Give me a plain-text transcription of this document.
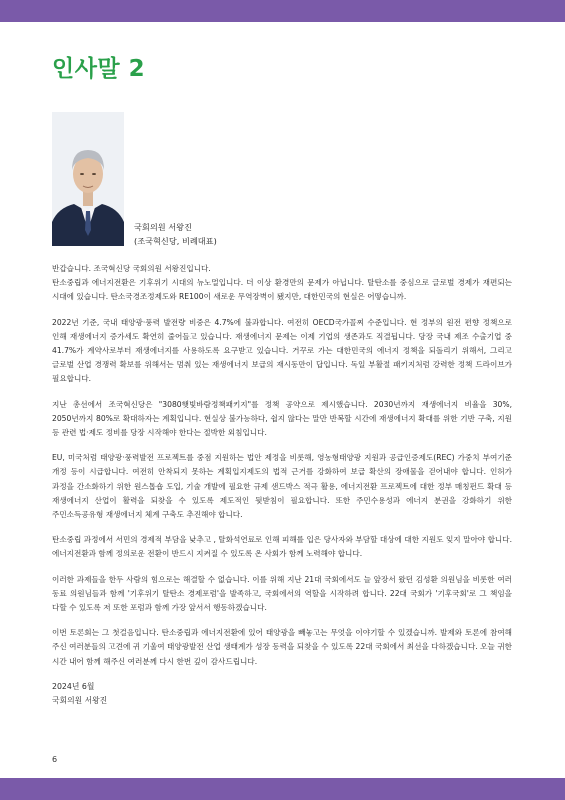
인사말 2
국회의원 서왕진
(조국혁신당, 비례대표)

반갑습니다. 조국혁신당 국회의원 서왕진입니다.
탄소중립과 에너지전환은 기후위기 시대의 뉴노멀입니다. 더 이상 환경만의 문제가 아닙니다. 탈탄소를 중심으로 글로벌 경제가 재편되는 시대에 있습니다. 탄소국경조정제도와 RE100이 새로운 무역장벽이 됐지만, 대한민국의 현실은 어떻습니까.

2022년 기준, 국내 태양광·풍력 발전량 비중은 4.7%에 불과합니다. 여전히 OECD국가꼴찌 수준입니다. 현 정부의 원전 편향 정책으로 인해 재생에너지 증가세도 확연히 줄어들고 있습니다. 재생에너지 문제는 이제 기업의 생존과도 직결됩니다. 당장 국내 제조 수출기업 중 41.7%가 계약사로부터 재생에너지를 사용하도록 요구받고 있습니다. 거꾸로 가는 대한민국의 에너지 정책을 되돌리기 위해서, 그리고 글로벌 산업 경쟁력 확보를 위해서는 멈춰 있는 재생에너지 보급의 재시동만이 답입니다. 독일 부활절 패키지처럼 강력한 정책 드라이브가 필요합니다.

지난 총선에서 조국혁신당은 "3080햇빛바람정책패키지"를 정책 공약으로 제시했습니다. 2030년까지 재생에너지 비율을 30%, 2050년까지 80%로 확대하자는 계획입니다. 현실상 불가능하다, 쉽지 않다는 말만 반복할 시간에 재생에너지 확대를 위한 기반 구축, 지원 등 관련 법·제도 정비를 당장 시작해야 한다는 절박한 외침입니다.

EU, 미국처럼 태양광·풍력발전 프로젝트를 중점 지원하는 법안 제정을 비롯해, 영농형태양광 지원과 공급인증제도(REC) 가중치 부여기준 개정 등이 시급합니다. 여전히 안착되지 못하는 계획입지제도의 법적 근거를 강화하여 보급 확산의 장애물을 걷어내야 합니다. 인허가 과정을 간소화하기 위한 원스톱숍 도입, 기술 개발에 필요한 규제 샌드박스 적극 활용, 에너지전환 프로젝트에 대한 정부 매칭펀드 확대 등 재생에너지 산업이 활력을 되찾을 수 있도록 제도적인 뒷받침이 필요합니다. 또한 주민수용성과 에너지 분권을 강화하기 위한 주민소득공유형 재생에너지 체계 구축도 추진해야 합니다.

탄소중립 과정에서 서민의 경제적 부담을 낮추고 , 탈화석연료로 인해 피해를 입은 당사자와 부담할 대상에 대한 지원도 잊지 말아야 합니다. 에너지전환과 함께 정의로운 전환이 반드시 지켜질 수 있도록 온 사회가 함께 노력해야 합니다.

이러한 과제들을 한두 사람의 힘으로는 해결할 수 없습니다. 이를 위해 지난 21대 국회에서도 늘 앞장서 왔던 김성환 의원님을 비롯한 여러 동료 의원님들과 함께 '기후위기 탈탄소 경제포럼'을 발족하고, 국회에서의 역할을 시작하려 합니다. 22대 국회가 '기후국회'로 그 책임을 다할 수 있도록 저 또한 포럼과 함께 가장 앞서서 행동하겠습니다.

이번 토론회는 그 첫걸음입니다. 탄소중립과 에너지전환에 있어 태양광을 빼놓고는 무엇을 이야기할 수 있겠습니까. 발제와 토론에 참여해 주신 여러분들의 고견에 귀 기울여 태양광발전 산업 생태계가 성장 동력을 되찾을 수 있도록 22대 국회에서 최선을 다하겠습니다. 오늘 귀한 시간 내어 함께 해주신 여러분께 다시 한번 깊이 감사드립니다.

2024년 6월

국회의원 서왕진

6
